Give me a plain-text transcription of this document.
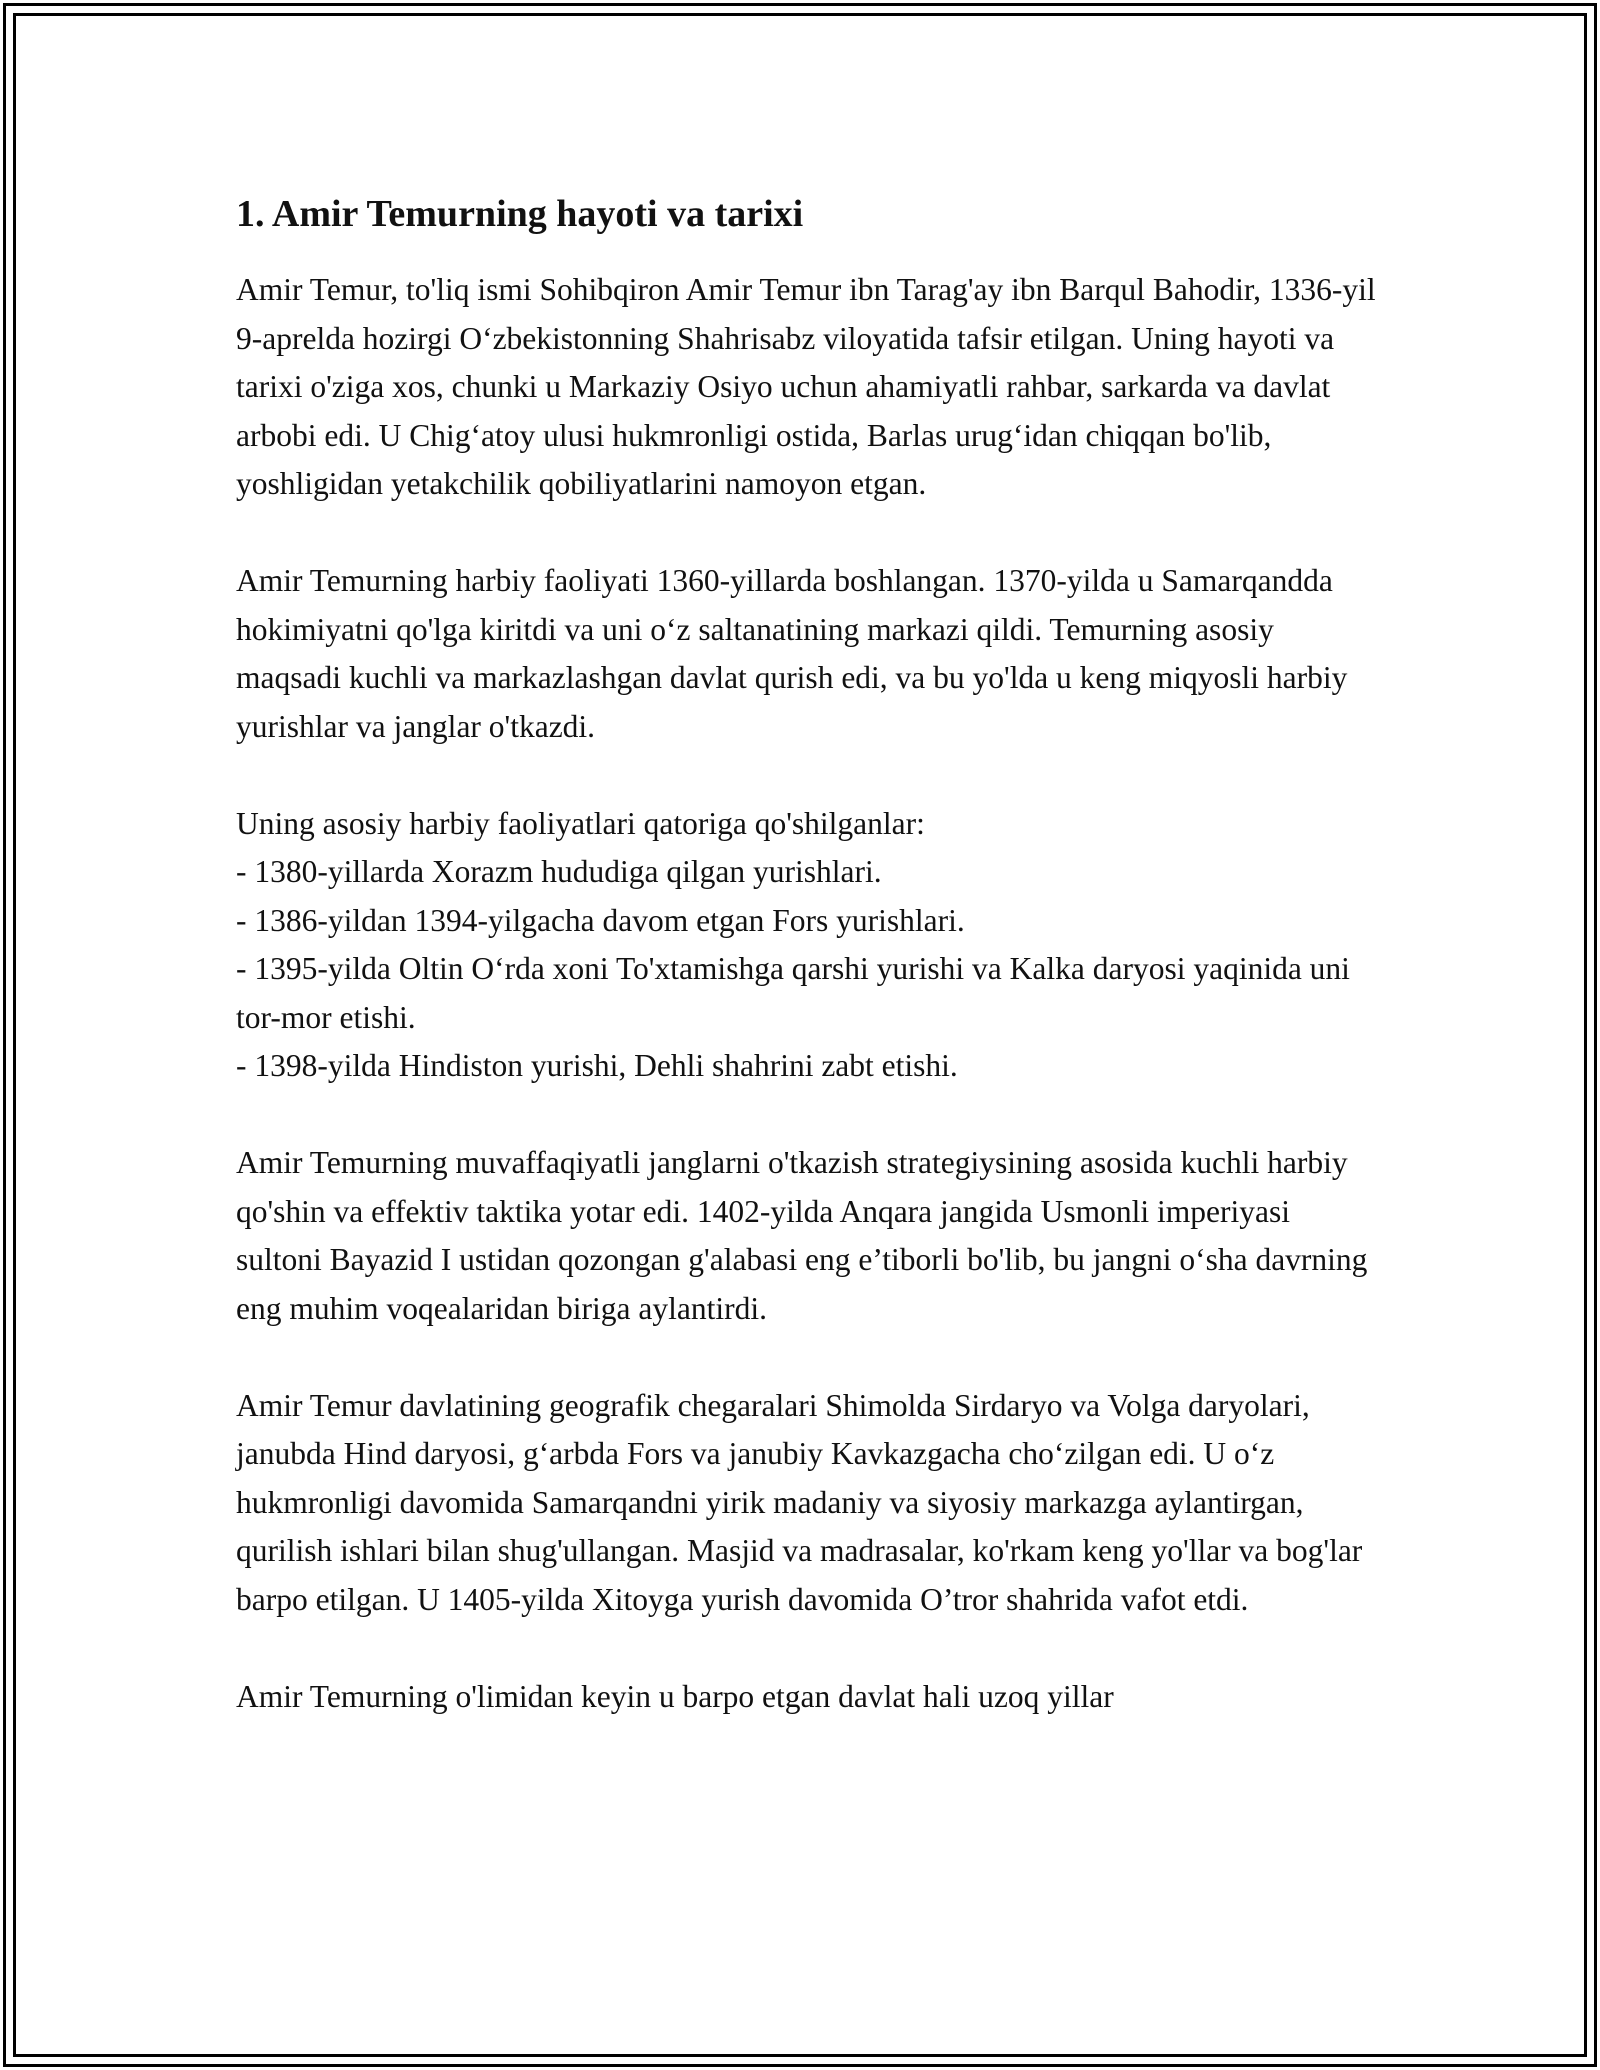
1. Amir Temurning hayoti va tarixi

Amir Temur, to'liq ismi Sohibqiron Amir Temur ibn Tarag'ay ibn Barqul Bahodir, 1336-yil 9-aprelda hozirgi O‘zbekistonning Shahrisabz viloyatida tafsir etilgan. Uning hayoti va tarixi o'ziga xos, chunki u Markaziy Osiyo uchun ahamiyatli rahbar, sarkarda va davlat arbobi edi. U Chig‘atoy ulusi hukmronligi ostida, Barlas urug‘idan chiqqan bo'lib, yoshligidan yetakchilik qobiliyatlarini namoyon etgan.

Amir Temurning harbiy faoliyati 1360-yillarda boshlangan. 1370-yilda u Samarqandda hokimiyatni qo'lga kiritdi va uni o‘z saltanatining markazi qildi. Temurning asosiy maqsadi kuchli va markazlashgan davlat qurish edi, va bu yo'lda u keng miqyosli harbiy yurishlar va janglar o'tkazdi.

Uning asosiy harbiy faoliyatlari qatoriga qo'shilganlar:
- 1380-yillarda Xorazm hududiga qilgan yurishlari.
- 1386-yildan 1394-yilgacha davom etgan Fors yurishlari.
- 1395-yilda Oltin O‘rda xoni To'xtamishga qarshi yurishi va Kalka daryosi yaqinida uni tor-mor etishi.
- 1398-yilda Hindiston yurishi, Dehli shahrini zabt etishi.

Amir Temurning muvaffaqiyatli janglarni o'tkazish strategiysining asosida kuchli harbiy qo'shin va effektiv taktika yotar edi. 1402-yilda Anqara jangida Usmonli imperiyasi sultoni Bayazid I ustidan qozongan g'alabasi eng e’tiborli bo'lib, bu jangni o‘sha davrning eng muhim voqealaridan biriga aylantirdi.

Amir Temur davlatining geografik chegaralari Shimolda Sirdaryo va Volga daryolari, janubda Hind daryosi, g‘arbda Fors va janubiy Kavkazgacha cho‘zilgan edi. U o‘z hukmronligi davomida Samarqandni yirik madaniy va siyosiy markazga aylantirgan, qurilish ishlari bilan shug'ullangan. Masjid va madrasalar, ko'rkam keng yo'llar va bog'lar barpo etilgan. U 1405-yilda Xitoyga yurish davomida O’tror shahrida vafot etdi.

Amir Temurning o'limidan keyin u barpo etgan davlat hali uzoq yillar
